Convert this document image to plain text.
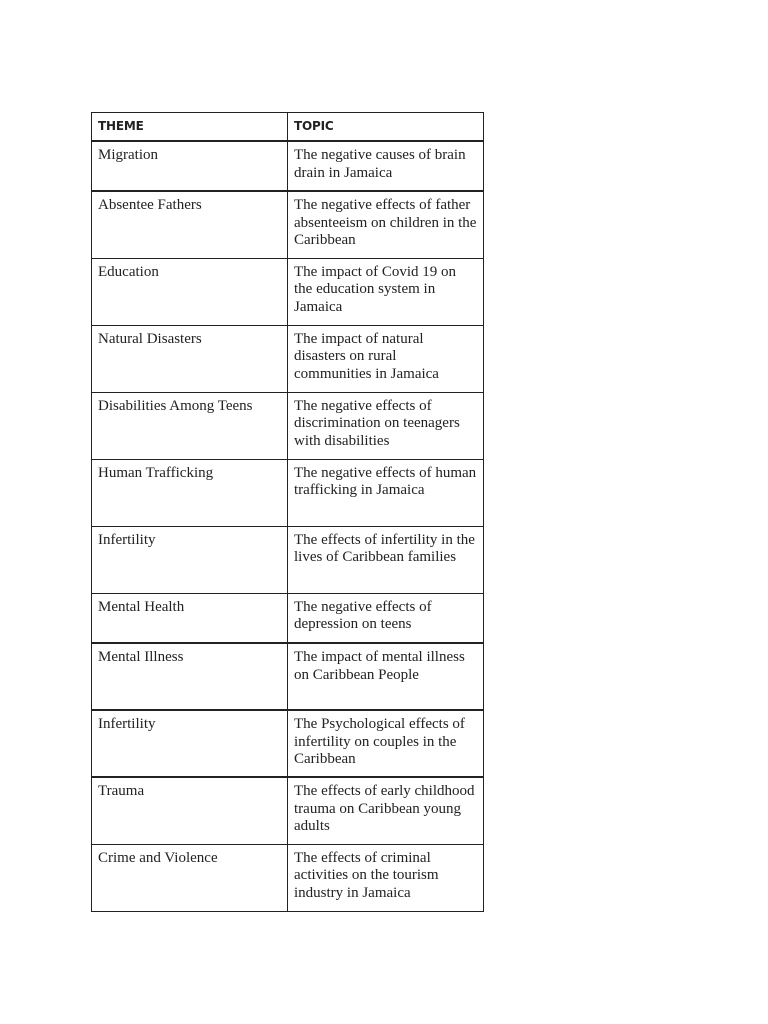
THEME	TOPIC
Migration	The negative causes of brain drain in Jamaica
Absentee Fathers	The negative effects of father absenteeism on children in the Caribbean
Education	The impact of Covid 19 on the education system in Jamaica
Natural Disasters	The impact of natural disasters on rural communities in Jamaica
Disabilities Among Teens	The negative effects of discrimination on teenagers with disabilities
Human Trafficking	The negative effects of human trafficking in Jamaica
Infertility	The effects of infertility in the lives of Caribbean families
Mental Health	The negative effects of depression on teens
Mental Illness	The impact of mental illness on Caribbean People
Infertility	The Psychological effects of infertility on couples in the Caribbean
Trauma	The effects of early childhood trauma on Caribbean young adults
Crime and Violence	The effects of criminal activities on the tourism industry in Jamaica
